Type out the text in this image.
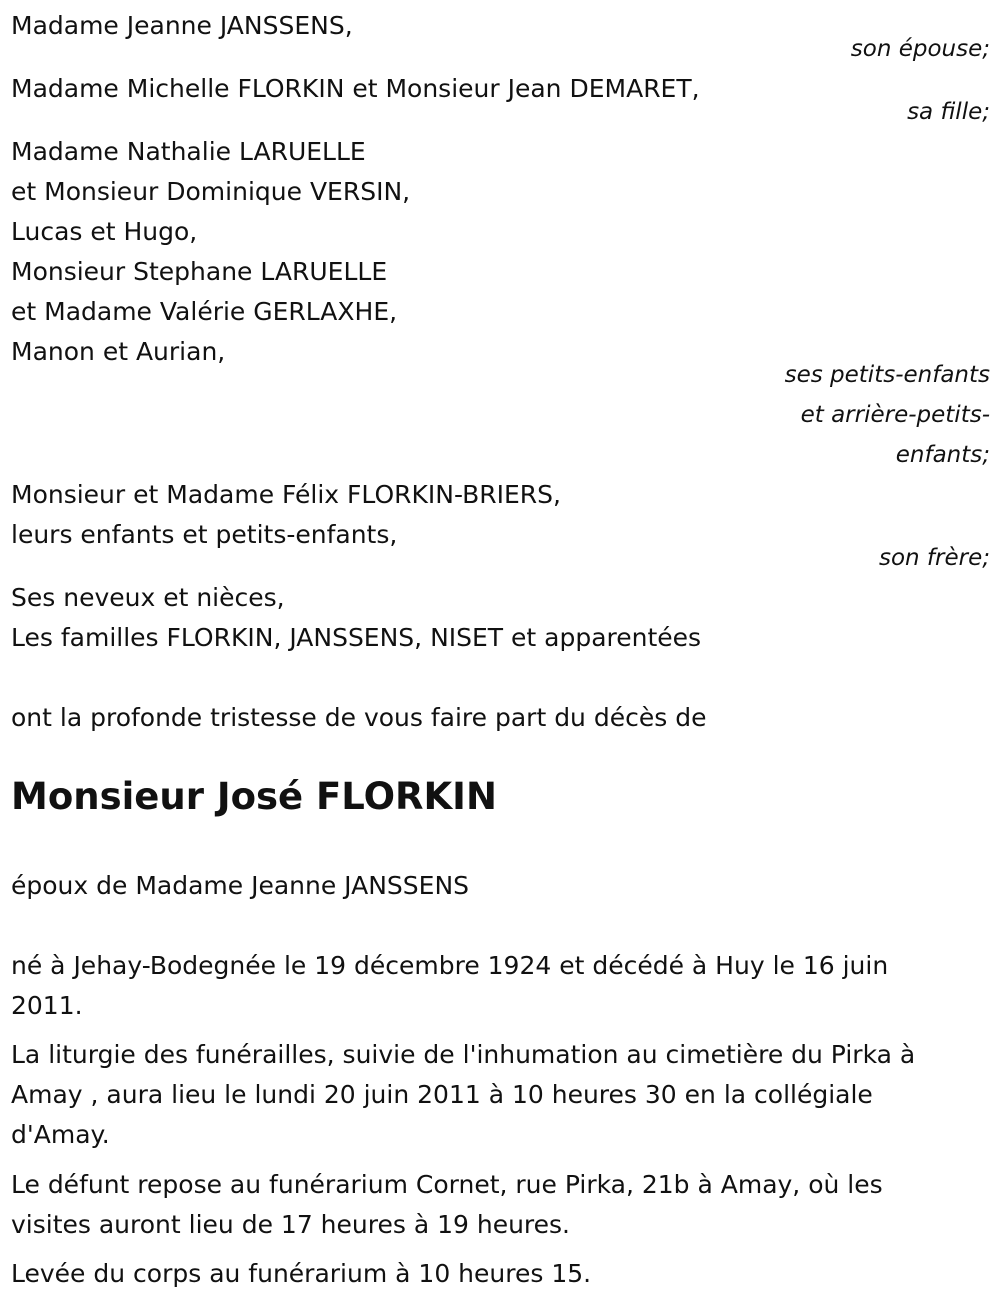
Madame Jeanne JANSSENS,
son épouse;
Madame Michelle FLORKIN et Monsieur Jean DEMARET,
sa fille;
Madame Nathalie LARUELLE
et Monsieur Dominique VERSIN,
Lucas et Hugo,
Monsieur Stephane LARUELLE
et Madame Valérie GERLAXHE,
Manon et Aurian,
ses petits-enfants
et arrière-petits-
enfants;
Monsieur et Madame Félix FLORKIN-BRIERS,
leurs enfants et petits-enfants,
son frère;
Ses neveux et nièces,
Les familles FLORKIN, JANSSENS, NISET et apparentées
ont la profonde tristesse de vous faire part du décès de
Monsieur José FLORKIN
époux de Madame Jeanne JANSSENS
né à Jehay-Bodegnée le 19 décembre 1924 et décédé à Huy le 16 juin
2011.
La liturgie des funérailles, suivie de l'inhumation au cimetière du Pirka à
Amay , aura lieu le lundi 20 juin 2011 à 10 heures 30 en la collégiale
d'Amay.
Le défunt repose au funérarium Cornet, rue Pirka, 21b à Amay, où les
visites auront lieu de 17 heures à 19 heures.
Levée du corps au funérarium à 10 heures 15.
